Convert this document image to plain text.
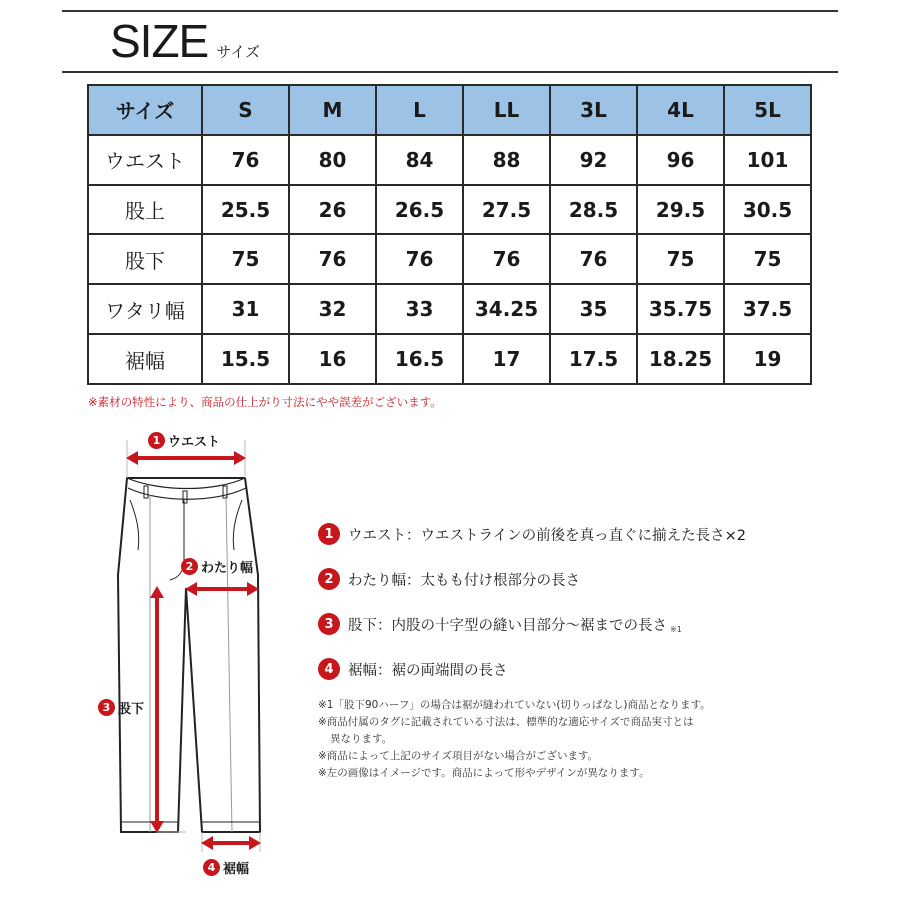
SIZE サイズ
サイズ	S	M	L	LL	3L	4L	5L
ウエスト	76	80	84	88	92	96	101
股上	25.5	26	26.5	27.5	28.5	29.5	30.5
股下	75	76	76	76	76	75	75
ワタリ幅	31	32	33	34.25	35	35.75	37.5
裾幅	15.5	16	16.5	17	17.5	18.25	19
※素材の特性により、商品の仕上がり寸法にやや誤差がございます。
1 ウエスト
2 わたり幅
3 股下
4 裾幅
1 ウエスト ：ウエストラインの前後を真っ直ぐに揃えた長さ×2
2 わたり幅 ：太もも付け根部分の長さ
3 股下 ：内股の十字型の縫い目部分～裾までの長さ ※1
4 裾幅 ：裾の両端間の長さ
※1「股下90ハーフ」の場合は裾が縫われていない(切りっぱなし)商品となります。
※商品付属のタグに記載されている寸法は、標準的な適応サイズで商品実寸とは
異なります。
※商品によって上記のサイズ項目がない場合がございます。
※左の画像はイメージです。商品によって形やデザインが異なります。
